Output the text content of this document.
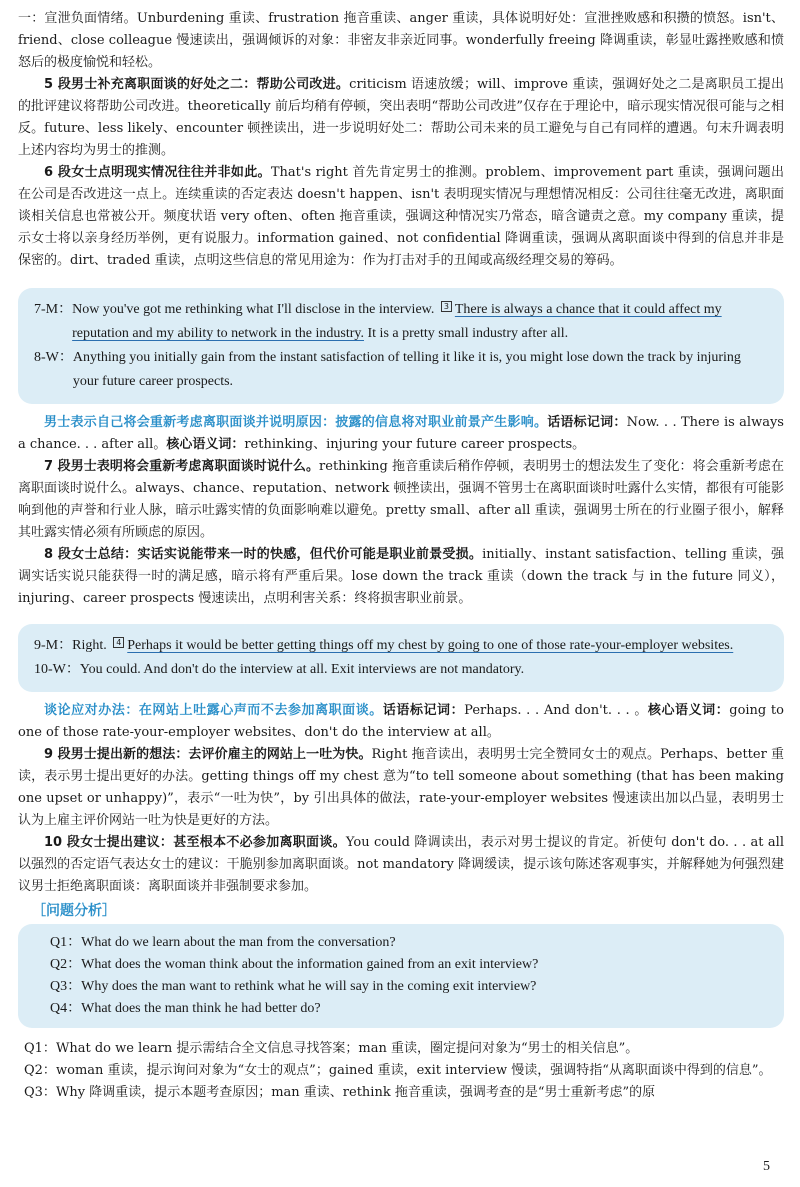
一：宣泄负面情绪。Unburdening 重读、frustration 拖音重读、anger 重读，具体说明好处：宣泄挫败感和积攒的愤怒。isn't、friend、close colleague 慢速读出，强调倾诉的对象：非密友非亲近同事。wonderfully freeing 降调重读，彰显吐露挫败感和愤怒后的极度愉悦和轻松。

5 段男士补充离职面谈的好处之二：帮助公司改进。criticism 语速放缓；will、improve 重读，强调好处之二是离职员工提出的批评建议将帮助公司改进。theoretically 前后均稍有停顿，突出表明“帮助公司改进”仅存在于理论中，暗示现实情况很可能与之相反。future、less likely、encounter 顿挫读出，进一步说明好处二：帮助公司未来的员工避免与自己有同样的遭遇。句末升调表明上述内容均为男士的推测。

6 段女士点明现实情况往往并非如此。That's right 首先肯定男士的推测。problem、improvement part 重读，强调问题出在公司是否改进这一点上。连续重读的否定表达 doesn't happen、isn't 表明现实情况与理想情况相反：公司往往毫无改进，离职面谈相关信息也常被公开。频度状语 very often、often 拖音重读，强调这种情况实乃常态，暗含谴责之意。my company 重读，提示女士将以亲身经历举例，更有说服力。information gained、not confidential 降调重读，强调从离职面谈中得到的信息并非是保密的。dirt、traded 重读，点明这些信息的常见用途为：作为打击对手的丑闻或高级经理交易的筹码。

7-M： Now you've got me rethinking what I'll disclose in the interview. 3 There is always a chance that it could affect my reputation and my ability to network in the industry. It is a pretty small industry after all.
8-W： Anything you initially gain from the instant satisfaction of telling it like it is, you might lose down the track by injuring your future career prospects.

男士表示自己将会重新考虑离职面谈并说明原因：披露的信息将对职业前景产生影响。话语标记词：Now. . . There is always a chance. . . after all。核心语义词：rethinking、injuring your future career prospects。

7 段男士表明将会重新考虑离职面谈时说什么。rethinking 拖音重读后稍作停顿，表明男士的想法发生了变化：将会重新考虑在离职面谈时说什么。always、chance、reputation、network 顿挫读出，强调不管男士在离职面谈时吐露什么实情，都很有可能影响到他的声誉和行业人脉，暗示吐露实情的负面影响难以避免。pretty small、after all 重读，强调男士所在的行业圈子很小，解释其吐露实情必须有所顾虑的原因。

8 段女士总结：实话实说能带来一时的快感，但代价可能是职业前景受损。initially、instant satisfaction、telling 重读，强调实话实说只能获得一时的满足感，暗示将有严重后果。lose down the track 重读（down the track 与 in the future 同义），injuring、career prospects 慢速读出，点明利害关系：终将损害职业前景。

9-M： Right. 4 Perhaps it would be better getting things off my chest by going to one of those rate-your-employer websites.
10-W： You could. And don't do the interview at all. Exit interviews are not mandatory.

谈论应对办法：在网站上吐露心声而不去参加离职面谈。话语标记词：Perhaps. . . And don't. . . 。核心语义词：going to one of those rate-your-employer websites、don't do the interview at all。

9 段男士提出新的想法：去评价雇主的网站上一吐为快。Right 拖音读出，表明男士完全赞同女士的观点。Perhaps、better 重读，表示男士提出更好的办法。getting things off my chest 意为“to tell someone about something (that has been making one upset or unhappy)”，表示“一吐为快”，by 引出具体的做法，rate-your-employer websites 慢速读出加以凸显，表明男士认为上雇主评价网站一吐为快是更好的方法。

10 段女士提出建议：甚至根本不必参加离职面谈。You could 降调读出，表示对男士提议的肯定。祈使句 don't do. . . at all 以强烈的否定语气表达女士的建议：干脆别参加离职面谈。not mandatory 降调缓读，提示该句陈述客观事实，并解释她为何强烈建议男士拒绝离职面谈：离职面谈并非强制要求参加。

［问题分析］
Q1：What do we learn about the man from the conversation?
Q2：What does the woman think about the information gained from an exit interview?
Q3：Why does the man want to rethink what he will say in the coming exit interview?
Q4：What does the man think he had better do?

Q1： What do we learn 提示需结合全文信息寻找答案；man 重读，圈定提问对象为“男士的相关信息”。

Q2： woman 重读，提示询问对象为“女士的观点”；gained 重读，exit interview 慢读，强调特指“从离职面谈中得到的信息”。

Q3： Why 降调重读，提示本题考查原因；man 重读、rethink 拖音重读，强调考查的是“男士重新考虑”的原

5
